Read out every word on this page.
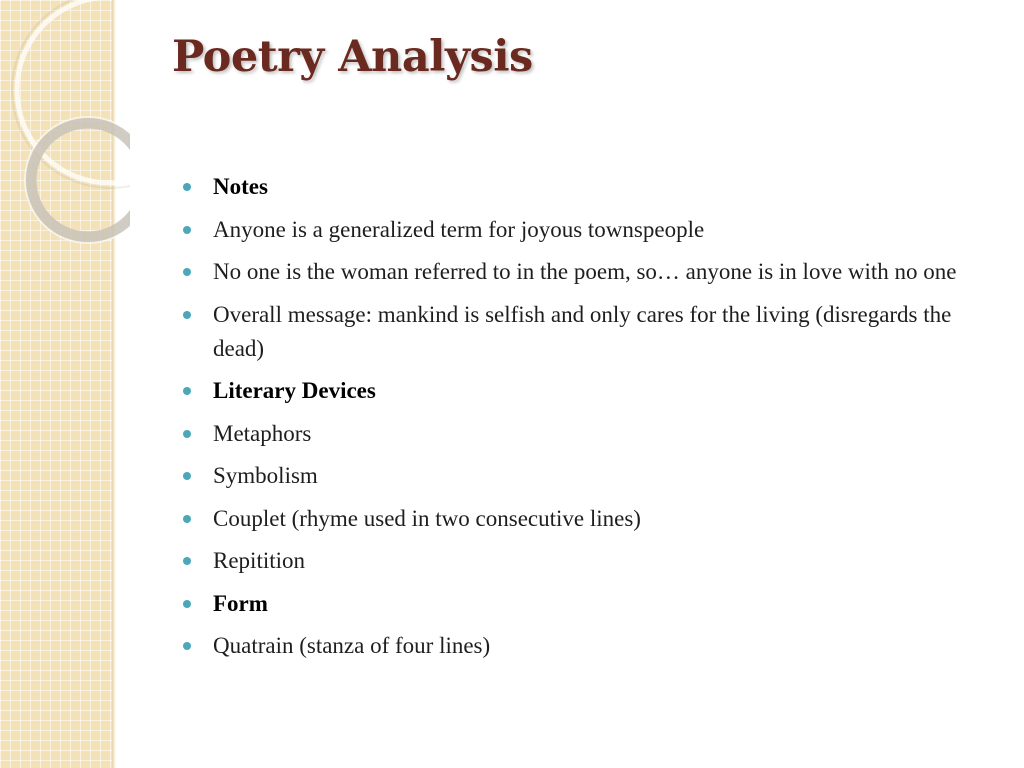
Poetry Analysis
Notes
Anyone is a generalized term for joyous townspeople
No one is the woman referred to in the poem, so… anyone is in love with no one
Overall message: mankind is selfish and only cares for the living (disregards the dead)
Literary Devices
Metaphors
Symbolism
Couplet (rhyme used in two consecutive lines)
Repitition
Form
Quatrain (stanza of four lines)
